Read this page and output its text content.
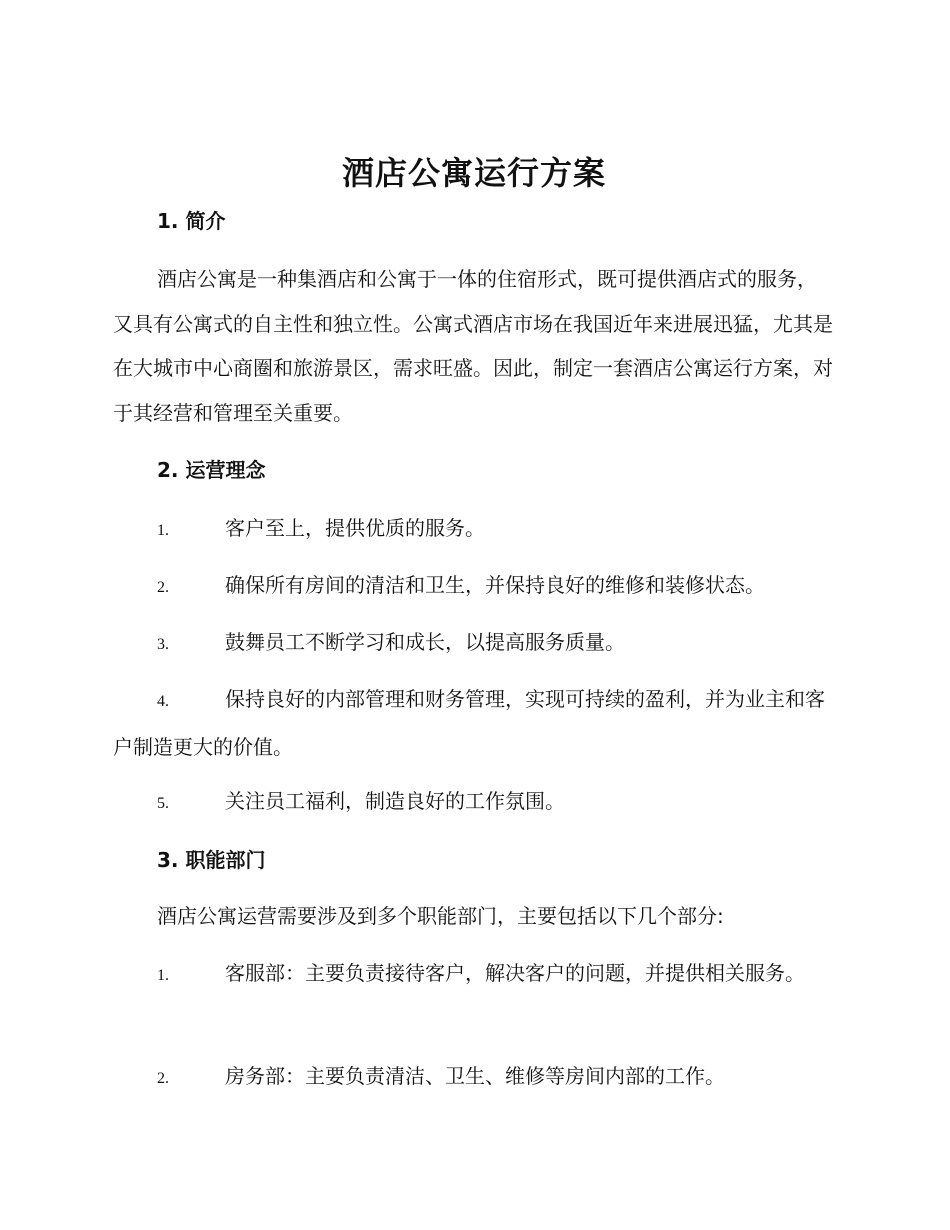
酒店公寓运行方案
1. 简介

酒店公寓是一种集酒店和公寓于一体的住宿形式，既可提供酒店式的服务，又具有公寓式的自主性和独立性。公寓式酒店市场在我国近年来进展迅猛，尤其是在大城市中心商圈和旅游景区，需求旺盛。因此，制定一套酒店公寓运行方案，对于其经营和管理至关重要。

2. 运营理念

1.	客户至上，提供优质的服务。

2.	确保所有房间的清洁和卫生，并保持良好的维修和装修状态。

3.	鼓舞员工不断学习和成长，以提高服务质量。

4.	保持良好的内部管理和财务管理，实现可持续的盈利，并为业主和客户制造更大的价值。

5.	关注员工福利，制造良好的工作氛围。

3. 职能部门

酒店公寓运营需要涉及到多个职能部门，主要包括以下几个部分:

1.	客服部：主要负责接待客户，解决客户的问题，并提供相关服务。

2.	房务部：主要负责清洁、卫生、维修等房间内部的工作。
